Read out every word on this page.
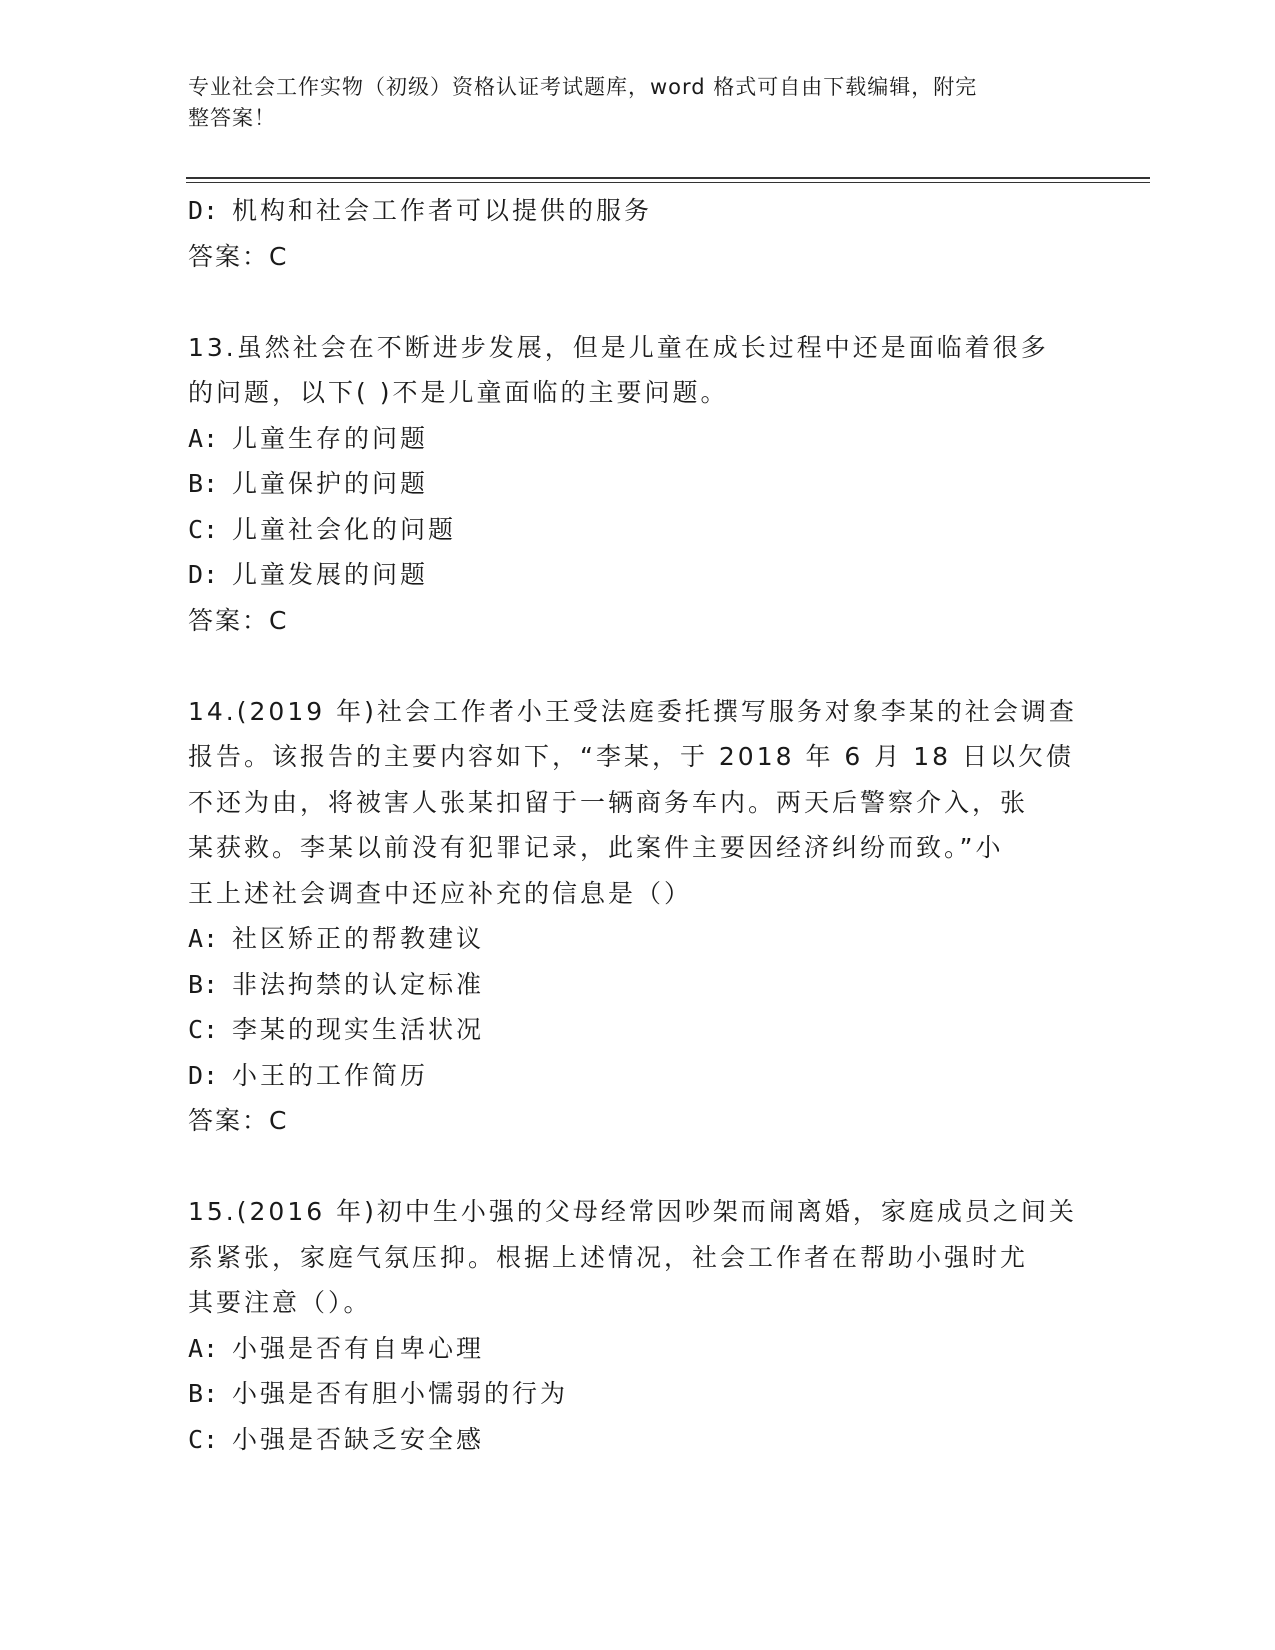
专业社会工作实物（初级）资格认证考试题库，word 格式可自由下载编辑，附完
整答案！
D: 机构和社会工作者可以提供的服务
答案：C
13.虽然社会在不断进步发展，但是儿童在成长过程中还是面临着很多
的问题，以下( )不是儿童面临的主要问题。
A: 儿童生存的问题
B: 儿童保护的问题
C: 儿童社会化的问题
D: 儿童发展的问题
答案：C
14.(2019 年)社会工作者小王受法庭委托撰写服务对象李某的社会调查
报告。该报告的主要内容如下，“李某，于 2018 年 6 月 18 日以欠债
不还为由，将被害人张某扣留于一辆商务车内。两天后警察介入，张
某获救。李某以前没有犯罪记录，此案件主要因经济纠纷而致。”小
王上述社会调查中还应补充的信息是（）
A: 社区矫正的帮教建议
B: 非法拘禁的认定标准
C: 李某的现实生活状况
D: 小王的工作简历
答案：C
15.(2016 年)初中生小强的父母经常因吵架而闹离婚，家庭成员之间关
系紧张，家庭气氛压抑。根据上述情况，社会工作者在帮助小强时尤
其要注意（）。
A: 小强是否有自卑心理
B: 小强是否有胆小懦弱的行为
C: 小强是否缺乏安全感
